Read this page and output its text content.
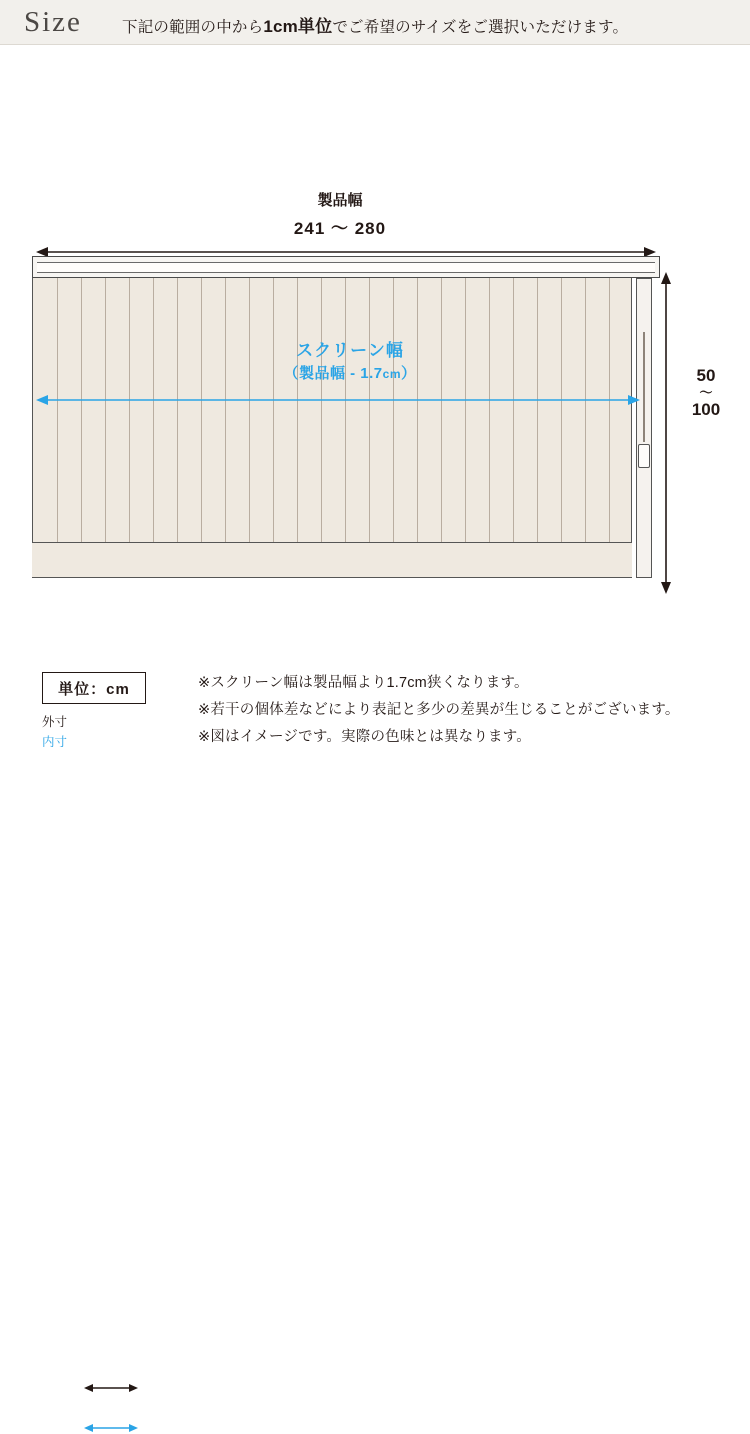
Size	下記の範囲の中から1cm単位でご希望のサイズをご選択いただけます。
製品幅
241 ～ 280
スクリーン幅
（製品幅 - 1.7cm）	50
～
100
単位：cm
外寸
内寸
※スクリーン幅は製品幅より1.7cm狭くなります。
※若干の個体差などにより表記と多少の差異が生じることがございます。
※図はイメージです。実際の色味とは異なります。
